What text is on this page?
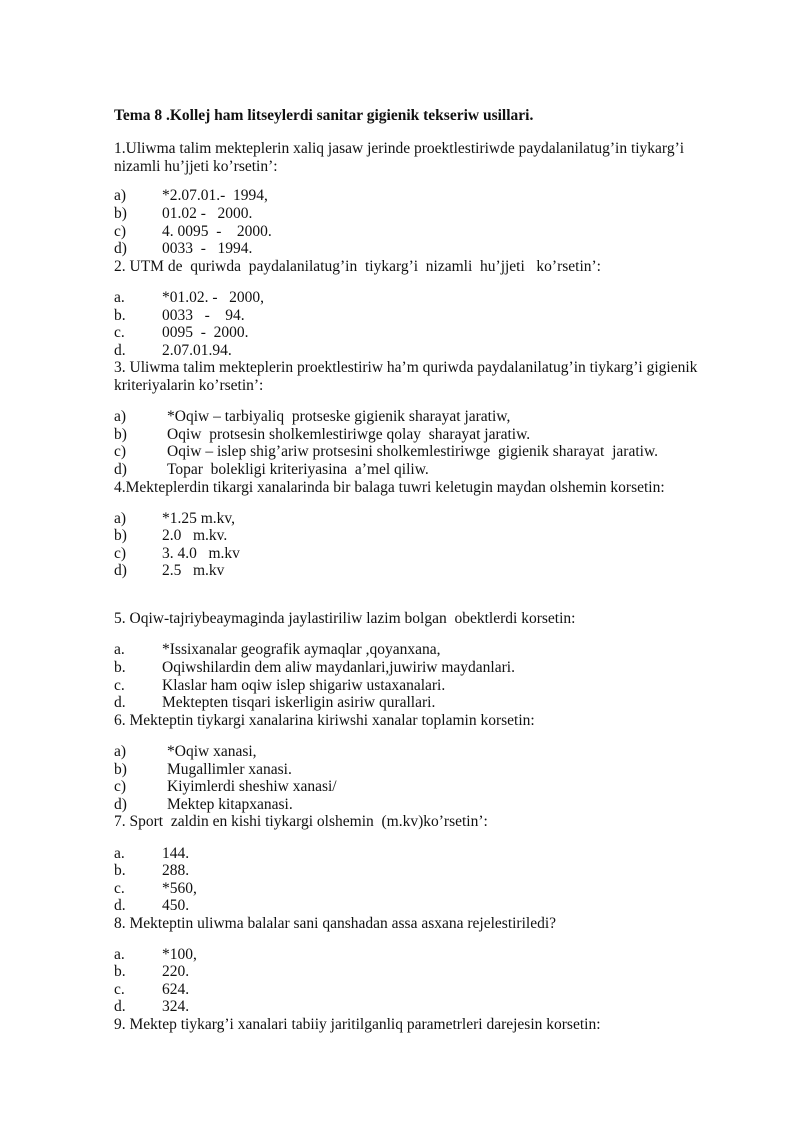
Tema 8 .Kollej ham litseylerdi sanitar gigienik tekseriw usillari.
1.Uliwma talim mekteplerin xaliq jasaw jerinde proektlestiriwde paydalanilatug’in tiykarg’i nizamli hu’jjeti ko’rsetin’:
a) *2.07.01.-  1994,
b) 01.02 -   2000.
c) 4. 0095  -    2000.
d) 0033  -   1994.
2. UTM de  quriwda  paydalanilatug’in  tiykarg’i  nizamli  hu’jjeti   ko’rsetin’:
a. *01.02. -   2000,
b. 0033   -    94.
c. 0095  -  2000.
d. 2.07.01.94.
3. Uliwma talim mekteplerin proektlestiriw ha’m quriwda paydalanilatug’in tiykarg’i gigienik kriteriyalarin ko’rsetin’:
a)	*Oqiw – tarbiyaliq  protseske gigienik sharayat jaratiw,
b)	Oqiw  protsesin sholkemlestiriwge qolay  sharayat jaratiw.
c)	Oqiw – islep shig’ariw protsesini sholkemlestiriwge  gigienik sharayat  jaratiw.
d)	Topar  bolekligi kriteriyasina  a’mel qiliw.
4.Mekteplerdin tikargi xanalarinda bir balaga tuwri keletugin maydan olshemin korsetin:
a) *1.25 m.kv,
b) 2.0   m.kv.
c) 3. 4.0   m.kv
d) 2.5   m.kv
5. Oqiw-tajriybeaymaginda jaylastiriliw lazim bolgan  obektlerdi korsetin:
a. *Issixanalar geografik aymaqlar ,qoyanxana,
b. Oqiwshilardin dem aliw maydanlari,juwiriw maydanlari.
c. Klaslar ham oqiw islep shigariw ustaxanalari.
d. Mektepten tisqari iskerligin asiriw qurallari.
6. Mekteptin tiykargi xanalarina kiriwshi xanalar toplamin korsetin:
a)	*Oqiw xanasi,
b)	Mugallimler xanasi.
c)	Kiyimlerdi sheshiw xanasi/
d)	Mektep kitapxanasi.
7. Sport  zaldin en kishi tiykargi olshemin  (m.kv)ko’rsetin’:
a. 144.
b. 288.
c. *560,
d. 450.
8. Mekteptin uliwma balalar sani qanshadan assa asxana rejelestiriledi?
a. *100,
b. 220.
c. 624.
d. 324.
9. Mektep tiykarg’i xanalari tabiiy jaritilganliq parametrleri darejesin korsetin:
